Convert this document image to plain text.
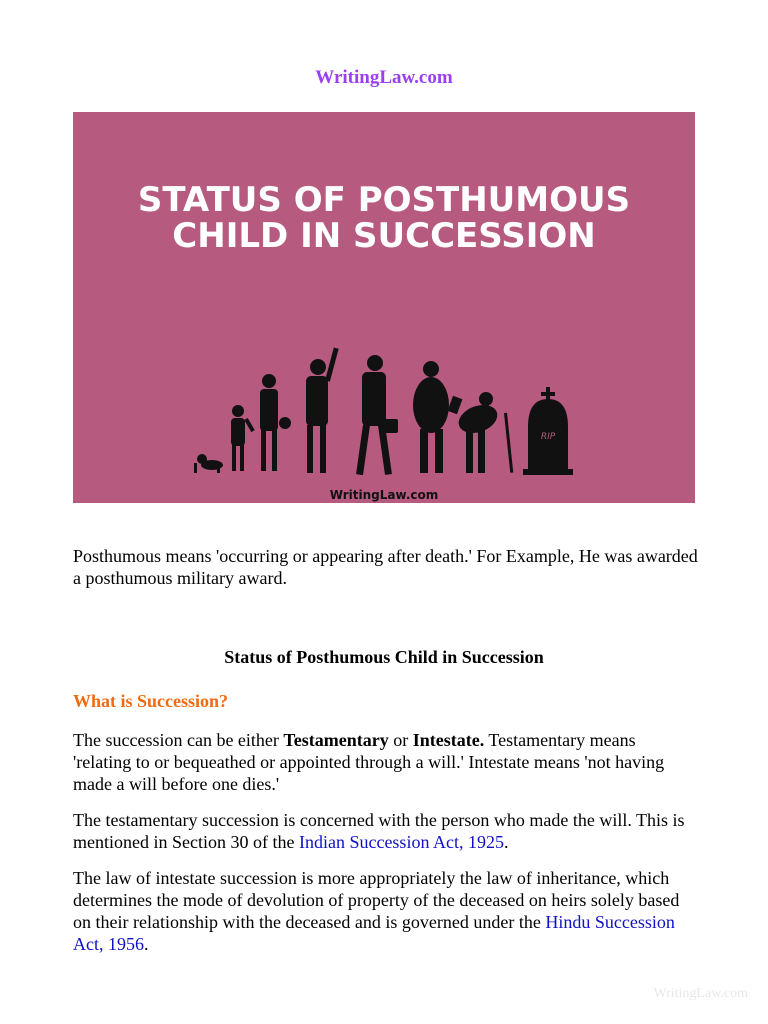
WritingLaw.com
STATUS OF POSTHUMOUS
CHILD IN SUCCESSION
RIP
WritingLaw.com

Posthumous means 'occurring or appearing after death.' For Example, He was awarded a posthumous military award.

Status of Posthumous Child in Succession
What is Succession?

The succession can be either Testamentary or Intestate. Testamentary means 'relating to or bequeathed or appointed through a will.' Intestate means 'not having made a will before one dies.'

The testamentary succession is concerned with the person who made the will. This is mentioned in Section 30 of the Indian Succession Act, 1925.

The law of intestate succession is more appropriately the law of inheritance, which determines the mode of devolution of property of the deceased on heirs solely based on their relationship with the deceased and is governed under the Hindu Succession Act, 1956.

WritingLaw.com
